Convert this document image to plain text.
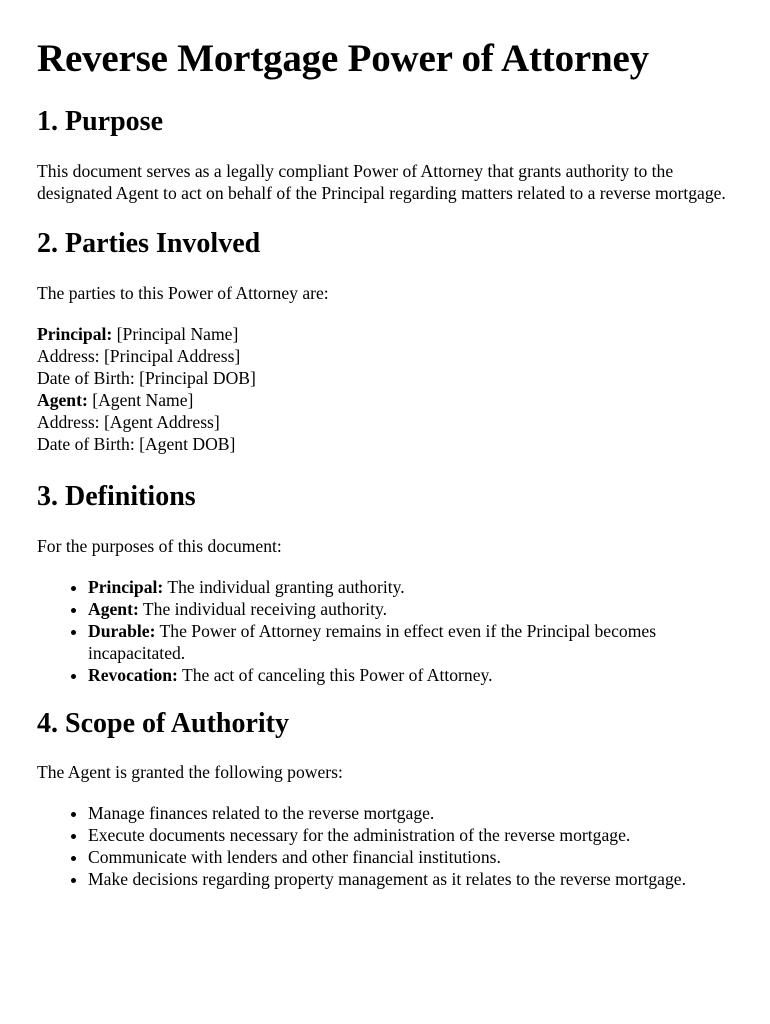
Reverse Mortgage Power of Attorney
1. Purpose

This document serves as a legally compliant Power of Attorney that grants authority to the designated Agent to act on behalf of the Principal regarding matters related to a reverse mortgage.

2. Parties Involved

The parties to this Power of Attorney are:

Principal: [Principal Name]
Address: [Principal Address]
Date of Birth: [Principal DOB]
Agent: [Agent Name]
Address: [Agent Address]
Date of Birth: [Agent DOB]
3. Definitions

For the purposes of this document:

• Principal: The individual granting authority.
• Agent: The individual receiving authority.
• Durable: The Power of Attorney remains in effect even if the Principal becomes incapacitated.
• Revocation: The act of canceling this Power of Attorney.
4. Scope of Authority

The Agent is granted the following powers:

• Manage finances related to the reverse mortgage.
• Execute documents necessary for the administration of the reverse mortgage.
• Communicate with lenders and other financial institutions.
• Make decisions regarding property management as it relates to the reverse mortgage.
